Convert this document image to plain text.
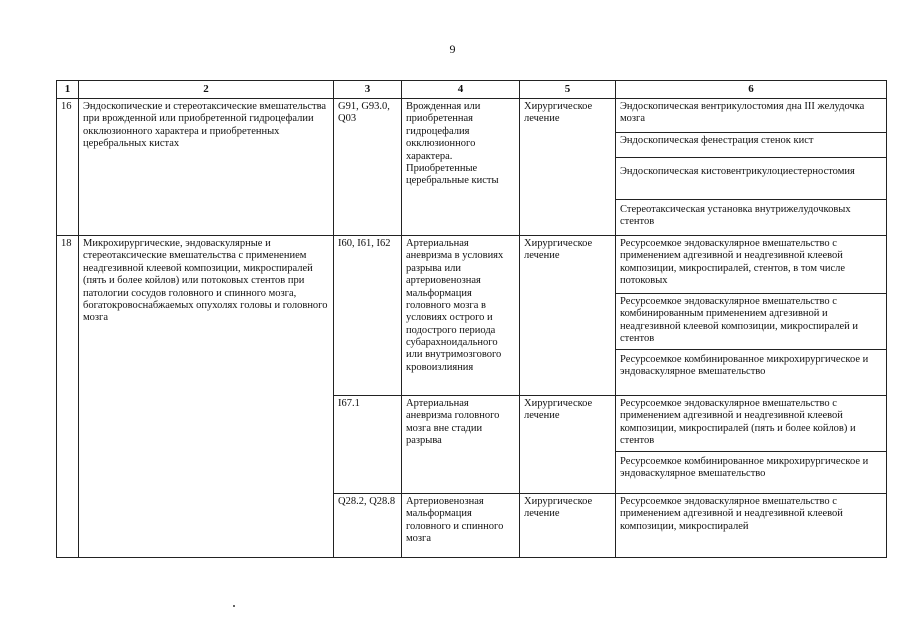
9
1	2	3	4	5	6
16	Эндоскопические и стереотаксические вмешательства при врожденной или приобретенной гидроцефалии окклюзионного характера и приобретенных церебральных кистах	G91, G93.0, Q03	Врожденная или приобретенная гидроцефалия окклюзионного характера. Приобретенные церебральные кисты	Хирургическое лечение	Эндоскопическая вентрикулостомия дна III желудочка мозга
					Эндоскопическая фенестрация стенок кист
					Эндоскопическая кистовентрикулоциестерностомия
					Стереотаксическая установка внутрижелудочковых стентов
18	Микрохирургические, эндоваскулярные и стереотаксические вмешательства с применением неадгезивной клеевой композиции, микроспиралей (пять и более койлов) или потоковых стентов при патологии сосудов головного и спинного мозга, богатокровоснабжаемых опухолях головы и головного мозга	I60, I61, I62	Артериальная аневризма в условиях разрыва или артериовенозная мальформация головного мозга в условиях острого и подострого периода субарахноидального или внутримозгового кровоизлияния	Хирургическое лечение	Ресурсоемкое эндоваскулярное вмешательство с применением адгезивной и неадгезивной клеевой композиции, микроспиралей, стентов, в том числе потоковых
					Ресурсоемкое эндоваскулярное вмешательство с комбинированным применением адгезивной и неадгезивной клеевой композиции, микроспиралей и стентов
					Ресурсоемкое комбинированное микрохирургическое и эндоваскулярное вмешательство
		I67.1	Артериальная аневризма головного мозга вне стадии разрыва	Хирургическое лечение	Ресурсоемкое эндоваскулярное вмешательство с применением адгезивной и неадгезивной клеевой композиции, микроспиралей (пять и более койлов) и стентов
					Ресурсоемкое комбинированное микрохирургическое и эндоваскулярное вмешательство
		Q28.2, Q28.8	Артериовенозная мальформация головного и спинного мозга	Хирургическое лечение	Ресурсоемкое эндоваскулярное вмешательство с применением адгезивной и неадгезивной клеевой композиции, микроспиралей
